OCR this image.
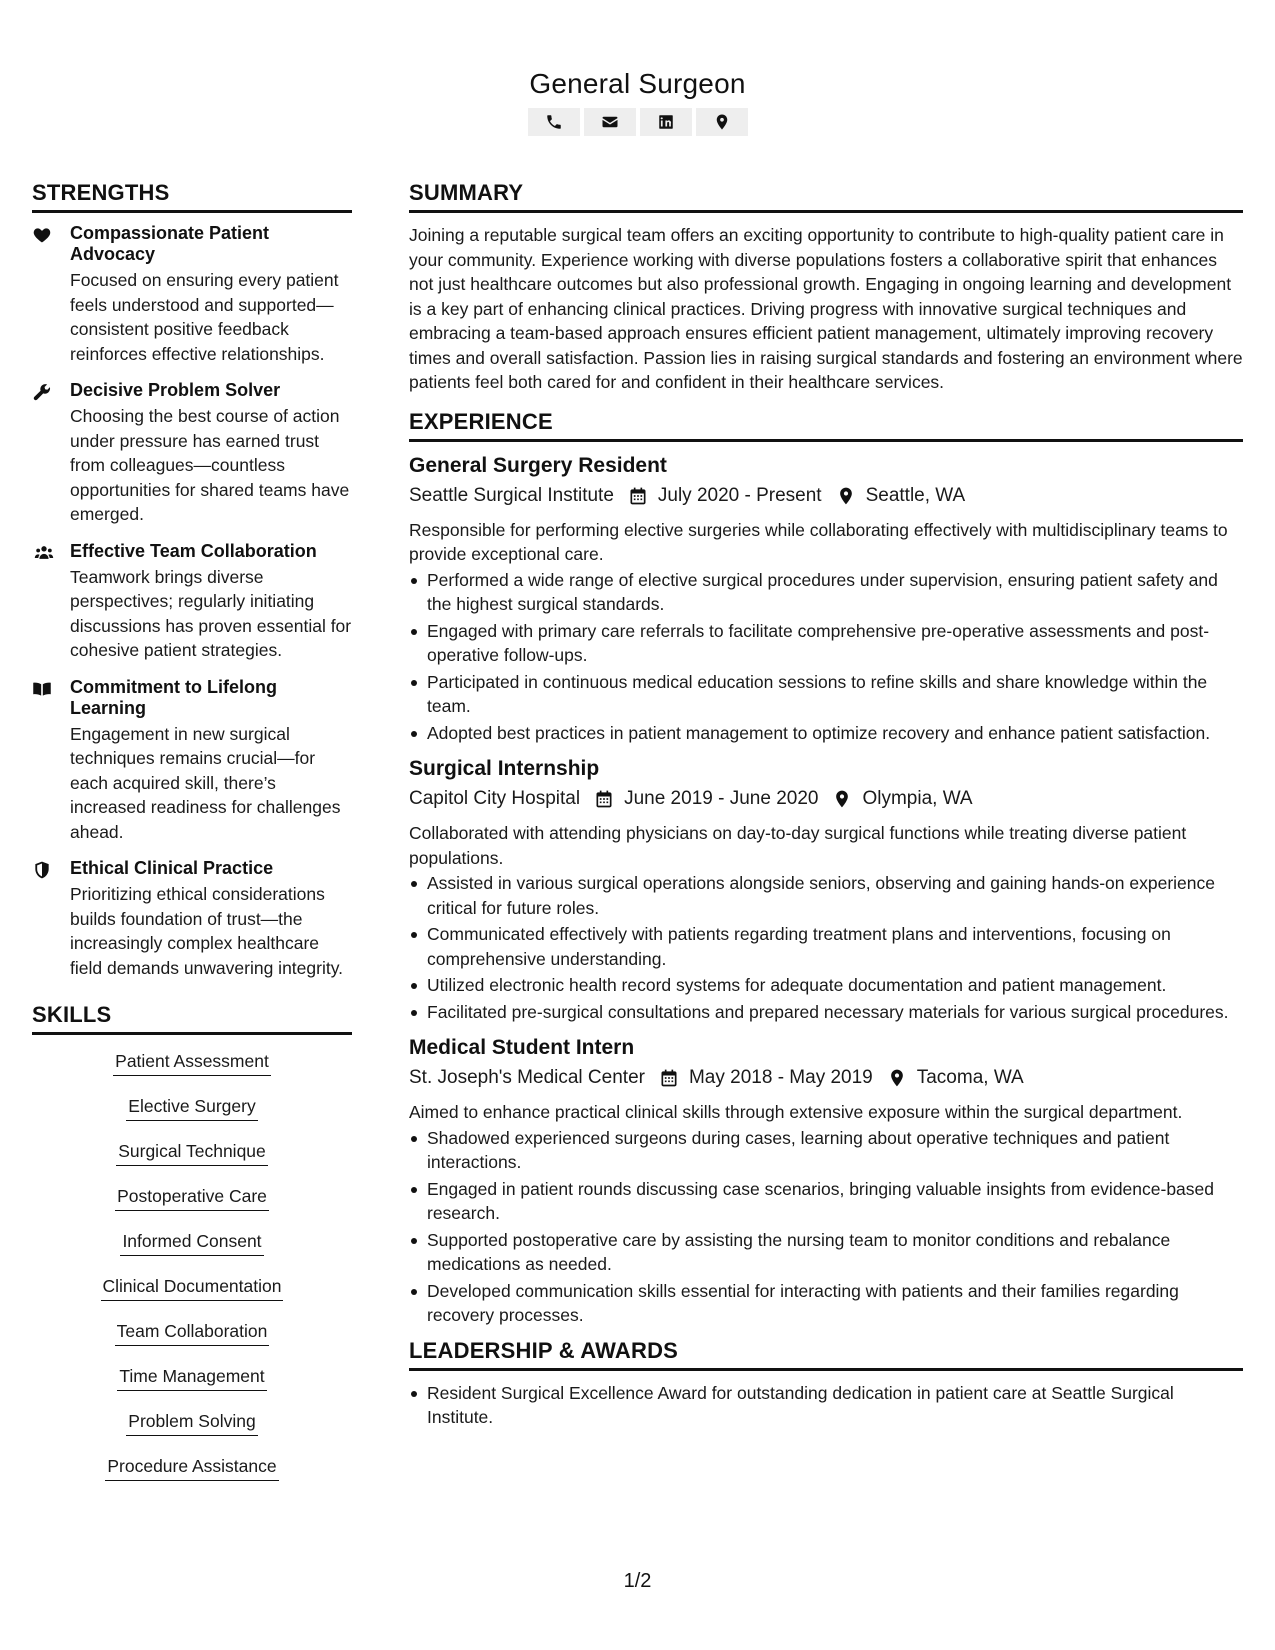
General Surgeon
STRENGTHS
Compassionate Patient Advocacy
Focused on ensuring every patient feels understood and supported—consistent positive feedback reinforces effective relationships.
Decisive Problem Solver
Choosing the best course of action under pressure has earned trust from colleagues—countless opportunities for shared teams have emerged.
Effective Team Collaboration
Teamwork brings diverse perspectives; regularly initiating discussions has proven essential for cohesive patient strategies.
Commitment to Lifelong Learning
Engagement in new surgical techniques remains crucial—for each acquired skill, there’s increased readiness for challenges ahead.
Ethical Clinical Practice
Prioritizing ethical considerations builds foundation of trust—the increasingly complex healthcare field demands unwavering integrity.
SKILLS
Patient Assessment
Elective Surgery
Surgical Technique
Postoperative Care
Informed Consent
Clinical Documentation
Team Collaboration
Time Management
Problem Solving
Procedure Assistance
SUMMARY
Joining a reputable surgical team offers an exciting opportunity to contribute to high-quality patient care in your community. Experience working with diverse populations fosters a collaborative spirit that enhances not just healthcare outcomes but also professional growth. Engaging in ongoing learning and development is a key part of enhancing clinical practices. Driving progress with innovative surgical techniques and embracing a team-based approach ensures efficient patient management, ultimately improving recovery times and overall satisfaction. Passion lies in raising surgical standards and fostering an environment where patients feel both cared for and confident in their healthcare services.
EXPERIENCE
General Surgery Resident
Seattle Surgical Institute July 2020 - Present Seattle, WA
Responsible for performing elective surgeries while collaborating effectively with multidisciplinary teams to provide exceptional care.
Performed a wide range of elective surgical procedures under supervision, ensuring patient safety and the highest surgical standards.
Engaged with primary care referrals to facilitate comprehensive pre-operative assessments and post-operative follow-ups.
Participated in continuous medical education sessions to refine skills and share knowledge within the team.
Adopted best practices in patient management to optimize recovery and enhance patient satisfaction.
Surgical Internship
Capitol City Hospital June 2019 - June 2020 Olympia, WA
Collaborated with attending physicians on day-to-day surgical functions while treating diverse patient populations.
Assisted in various surgical operations alongside seniors, observing and gaining hands-on experience critical for future roles.
Communicated effectively with patients regarding treatment plans and interventions, focusing on comprehensive understanding.
Utilized electronic health record systems for adequate documentation and patient management.
Facilitated pre-surgical consultations and prepared necessary materials for various surgical procedures.
Medical Student Intern
St. Joseph's Medical Center May 2018 - May 2019 Tacoma, WA
Aimed to enhance practical clinical skills through extensive exposure within the surgical department.
Shadowed experienced surgeons during cases, learning about operative techniques and patient interactions.
Engaged in patient rounds discussing case scenarios, bringing valuable insights from evidence-based research.
Supported postoperative care by assisting the nursing team to monitor conditions and rebalance medications as needed.
Developed communication skills essential for interacting with patients and their families regarding recovery processes.
LEADERSHIP & AWARDS
Resident Surgical Excellence Award for outstanding dedication in patient care at Seattle Surgical Institute.
1/2
